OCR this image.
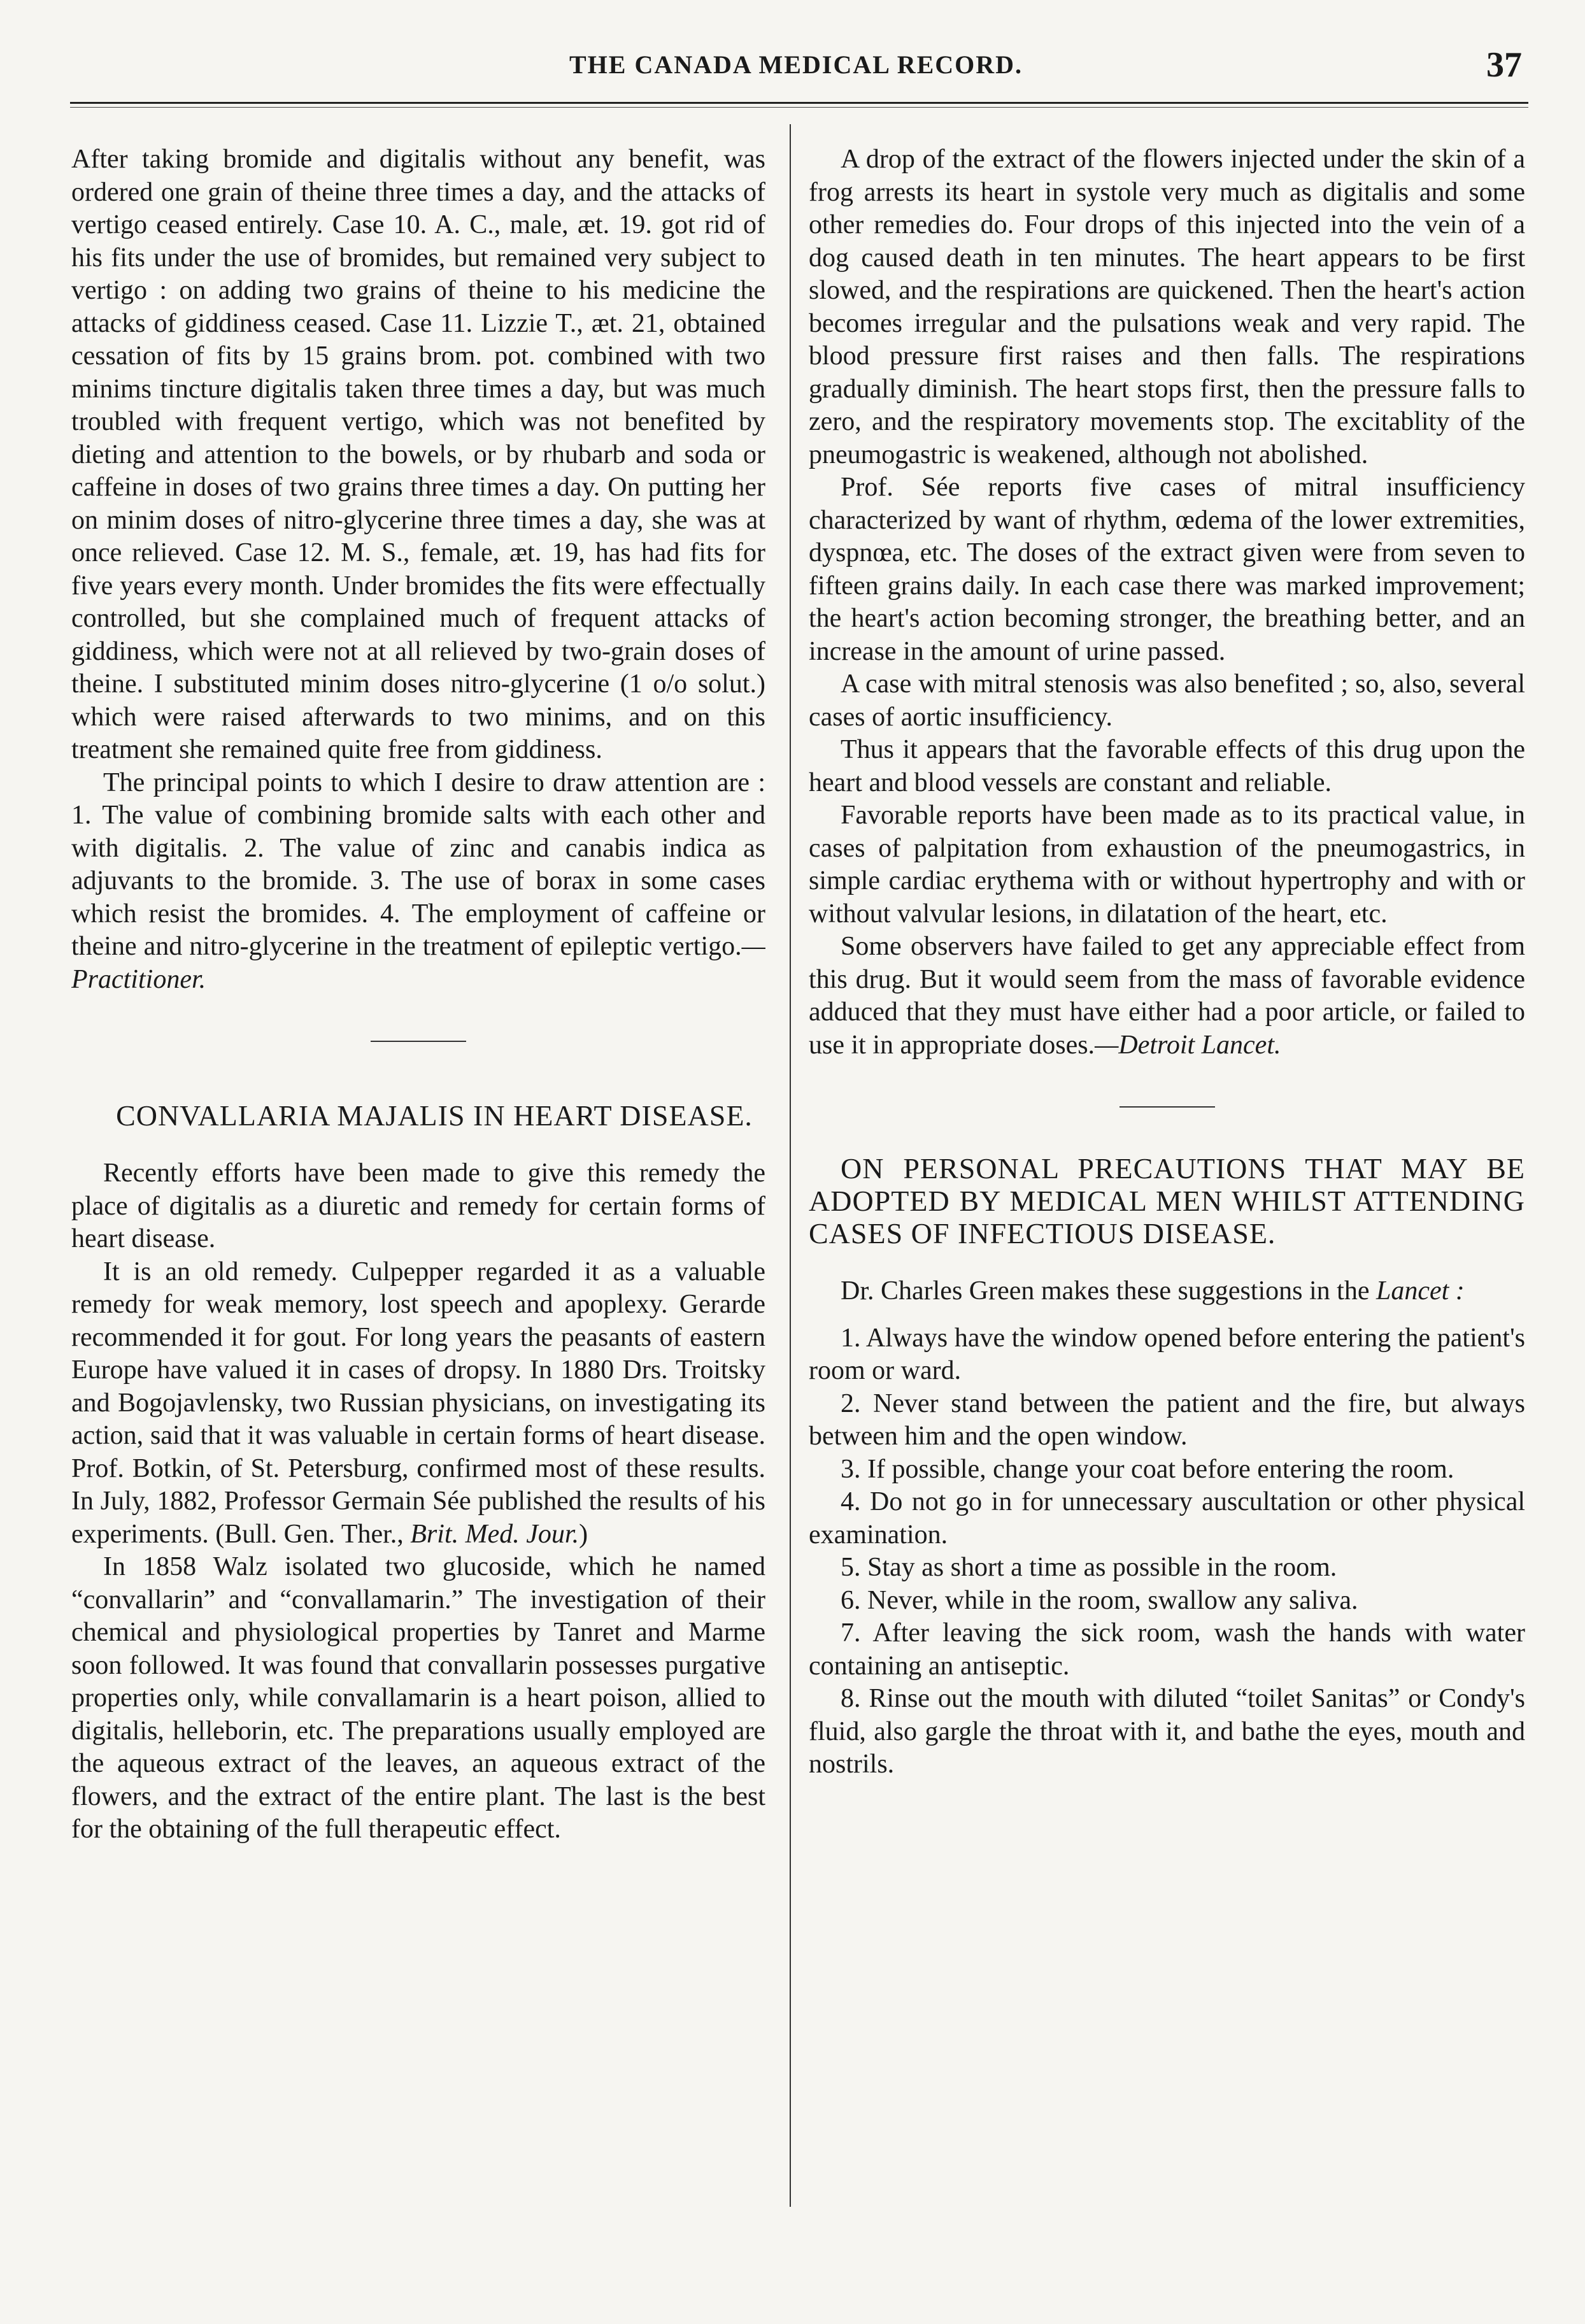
THE CANADA MEDICAL RECORD.	37

After taking bromide and digitalis without any benefit, was ordered one grain of theine three times a day, and the attacks of vertigo ceased entirely. Case 10. A. C., male, æt. 19. got rid of his fits under the use of bromides, but remained very subject to vertigo : on adding two grains of theine to his medicine the attacks of giddiness ceased. Case 11. Lizzie T., æt. 21, obtained cessation of fits by 15 grains brom. pot. combined with two minims tincture digitalis taken three times a day, but was much troubled with frequent vertigo, which was not benefited by dieting and attention to the bowels, or by rhubarb and soda or caffeine in doses of two grains three times a day. On putting her on minim doses of nitro-glycerine three times a day, she was at once relieved. Case 12. M. S., female, æt. 19, has had fits for five years every month. Under bromides the fits were effectually controlled, but she complained much of frequent attacks of giddiness, which were not at all relieved by two-grain doses of theine. I substituted minim doses nitro-glycerine (1 o/o solut.) which were raised afterwards to two minims, and on this treatment she remained quite free from giddiness.

The principal points to which I desire to draw attention are : 1. The value of combining bromide salts with each other and with digitalis. 2. The value of zinc and canabis indica as adjuvants to the bromide. 3. The use of borax in some cases which resist the bromides. 4. The employment of caffeine or theine and nitro-glycerine in the treatment of epileptic vertigo.—Practitioner.

CONVALLARIA MAJALIS IN HEART DISEASE.

Recently efforts have been made to give this remedy the place of digitalis as a diuretic and remedy for certain forms of heart disease.

It is an old remedy. Culpepper regarded it as a valuable remedy for weak memory, lost speech and apoplexy. Gerarde recommended it for gout. For long years the peasants of eastern Europe have valued it in cases of dropsy. In 1880 Drs. Troitsky and Bogojavlensky, two Russian physicians, on investigating its action, said that it was valuable in certain forms of heart disease. Prof. Botkin, of St. Petersburg, confirmed most of these results. In July, 1882, Professor Germain Sée published the results of his experiments. (Bull. Gen. Ther., Brit. Med. Jour.)

In 1858 Walz isolated two glucoside, which he named “convallarin” and “convallamarin.” The investigation of their chemical and physiological properties by Tanret and Marme soon followed. It was found that convallarin possesses purgative properties only, while convallamarin is a heart poison, allied to digitalis, helleborin, etc. The preparations usually employed are the aqueous extract of the leaves, an aqueous extract of the flowers, and the extract of the entire plant. The last is the best for the obtaining of the full therapeutic effect.

A drop of the extract of the flowers injected under the skin of a frog arrests its heart in systole very much as digitalis and some other remedies do. Four drops of this injected into the vein of a dog caused death in ten minutes. The heart appears to be first slowed, and the respirations are quickened. Then the heart's action becomes irregular and the pulsations weak and very rapid. The blood pressure first raises and then falls. The respirations gradually diminish. The heart stops first, then the pressure falls to zero, and the respiratory movements stop. The excitablity of the pneumogastric is weakened, although not abolished.

Prof. Sée reports five cases of mitral insufficiency characterized by want of rhythm, œdema of the lower extremities, dyspnœa, etc. The doses of the extract given were from seven to fifteen grains daily. In each case there was marked improvement; the heart's action becoming stronger, the breathing better, and an increase in the amount of urine passed.

A case with mitral stenosis was also benefited ; so, also, several cases of aortic insufficiency.

Thus it appears that the favorable effects of this drug upon the heart and blood vessels are constant and reliable.

Favorable reports have been made as to its practical value, in cases of palpitation from exhaustion of the pneumogastrics, in simple cardiac erythema with or without hypertrophy and with or without valvular lesions, in dilatation of the heart, etc.

Some observers have failed to get any appreciable effect from this drug. But it would seem from the mass of favorable evidence adduced that they must have either had a poor article, or failed to use it in appropriate doses.—Detroit Lancet.

ON PERSONAL PRECAUTIONS THAT MAY BE ADOPTED BY MEDICAL MEN WHILST ATTENDING CASES OF INFECTIOUS DISEASE.

Dr. Charles Green makes these suggestions in the Lancet :

1. Always have the window opened before entering the patient's room or ward.

2. Never stand between the patient and the fire, but always between him and the open window.

3. If possible, change your coat before entering the room.

4. Do not go in for unnecessary auscultation or other physical examination.

5. Stay as short a time as possible in the room.

6. Never, while in the room, swallow any saliva.

7. After leaving the sick room, wash the hands with water containing an antiseptic.

8. Rinse out the mouth with diluted “toilet Sanitas” or Condy's fluid, also gargle the throat with it, and bathe the eyes, mouth and nostrils.
